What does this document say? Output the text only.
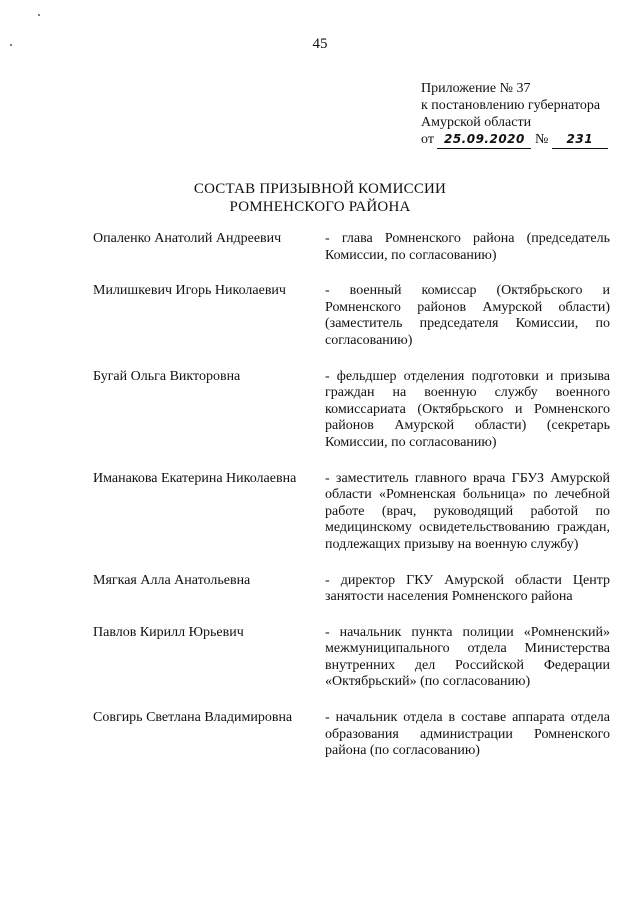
45
Приложение № 37
к постановлению губернатора
Амурской области
от 25.09.2020 № 231
СОСТАВ ПРИЗЫВНОЙ КОМИССИИ
РОМНЕНСКОГО РАЙОНА
Опаленко Анатолий Андреевич	- глава Ромненского района (председатель Комиссии, по согласованию)
Милишкевич Игорь Николаевич	- военный комиссар (Октябрьского и Ромненского районов Амурской области) (заместитель председателя Комиссии, по согласованию)
Бугай Ольга Викторовна	- фельдшер отделения подготовки и призыва граждан на военную службу военного комиссариата (Октябрьского и Ромненского районов Амурской области) (секретарь Комиссии, по согласованию)
Иманакова Екатерина Николаевна	- заместитель главного врача ГБУЗ Амурской области «Ромненская больница» по лечебной работе (врач, руководящий работой по медицинскому освидетельствованию граждан, подлежащих призыву на военную службу)
Мягкая Алла Анатольевна	- директор ГКУ Амурской области Центр занятости населения Ромненского района
Павлов Кирилл Юрьевич	- начальник пункта полиции «Ромненский» межмуниципального отдела Министерства внутренних дел Российской Федерации «Октябрьский» (по согласованию)
Совгирь Светлана Владимировна	- начальник отдела в составе аппарата отдела образования администрации Ромненского района (по согласованию)
